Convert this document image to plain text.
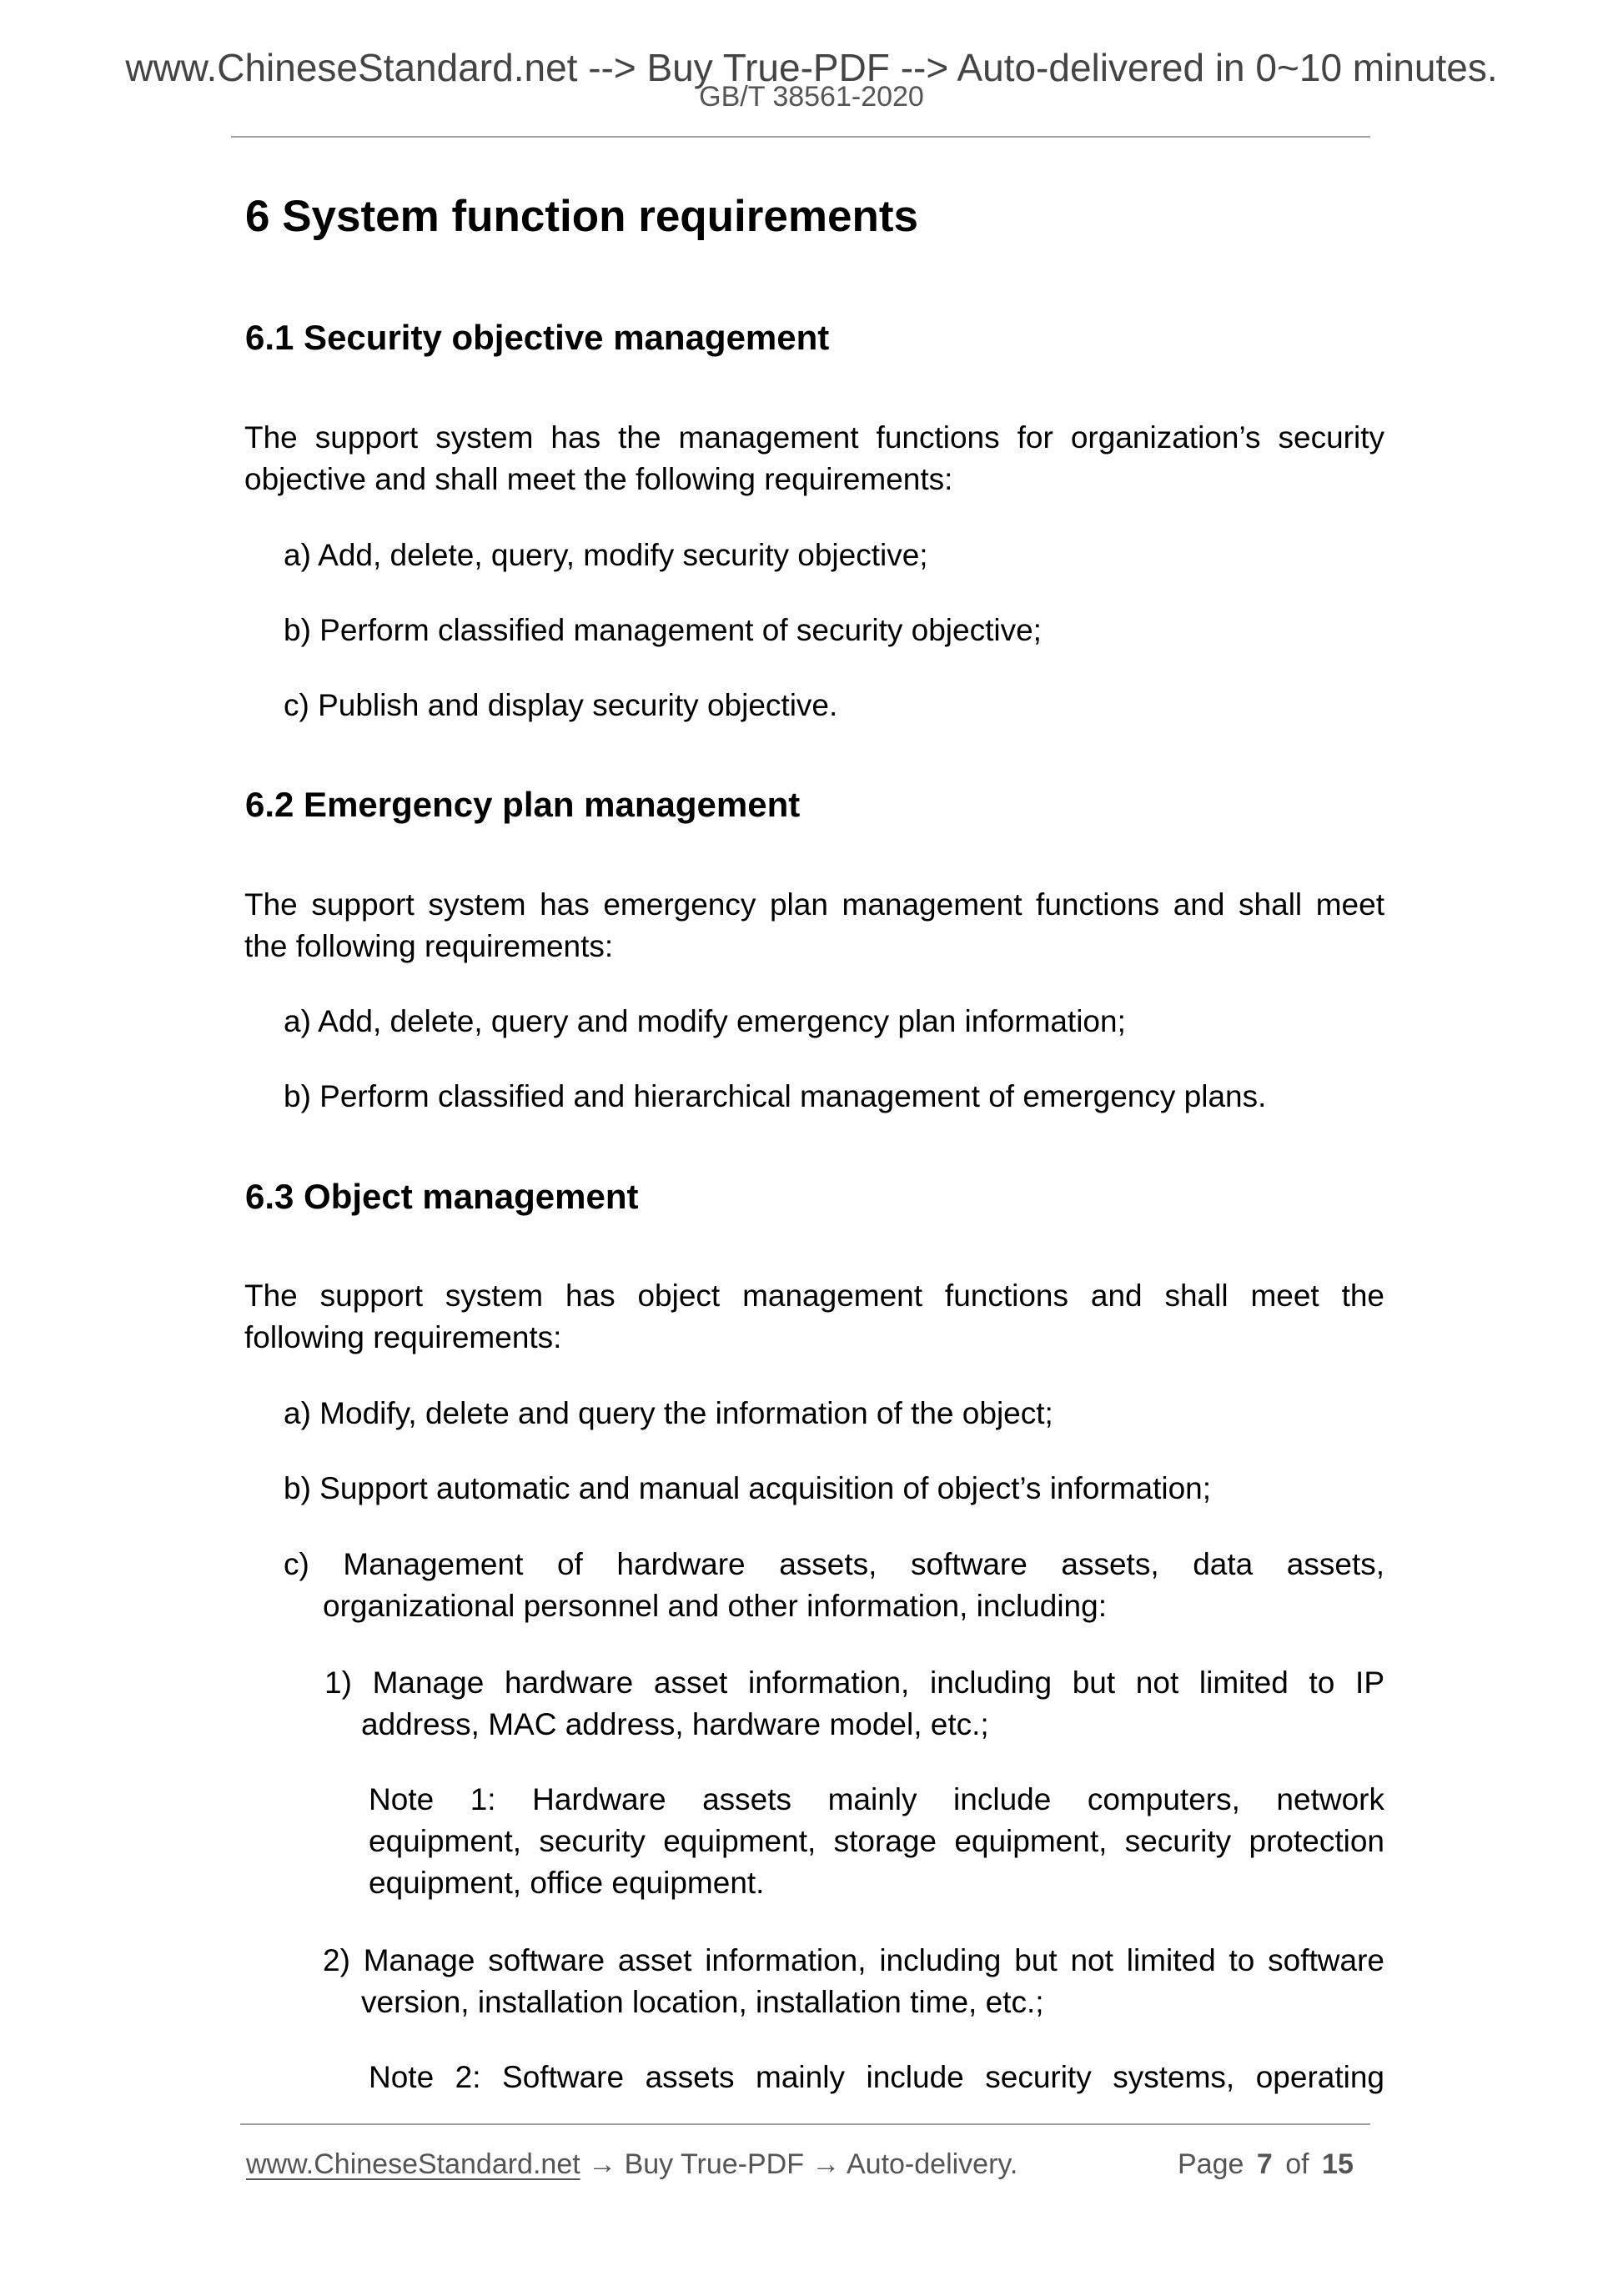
www.ChineseStandard.net --> Buy True-PDF --> Auto-delivered in 0~10 minutes.
GB/T 38561-2020
6 System function requirements
6.1 Security objective management
The support system has the management functions for organization’s security
objective and shall meet the following requirements:
a) Add, delete, query, modify security objective;
b) Perform classified management of security objective;
c) Publish and display security objective.
6.2 Emergency plan management
The support system has emergency plan management functions and shall meet
the following requirements:
a) Add, delete, query and modify emergency plan information;
b) Perform classified and hierarchical management of emergency plans.
6.3 Object management
The support system has object management functions and shall meet the
following requirements:
a) Modify, delete and query the information of the object;
b) Support automatic and manual acquisition of object’s information;
c) Management of hardware assets, software assets, data assets,
organizational personnel and other information, including:
1) Manage hardware asset information, including but not limited to IP
address, MAC address, hardware model, etc.;
Note 1: Hardware assets mainly include computers, network
equipment, security equipment, storage equipment, security protection
equipment, office equipment.
2) Manage software asset information, including but not limited to software
version, installation location, installation time, etc.;
Note 2: Software assets mainly include security systems, operating
www.ChineseStandard.net → Buy True-PDF → Auto-delivery.	Page 7 of 15
